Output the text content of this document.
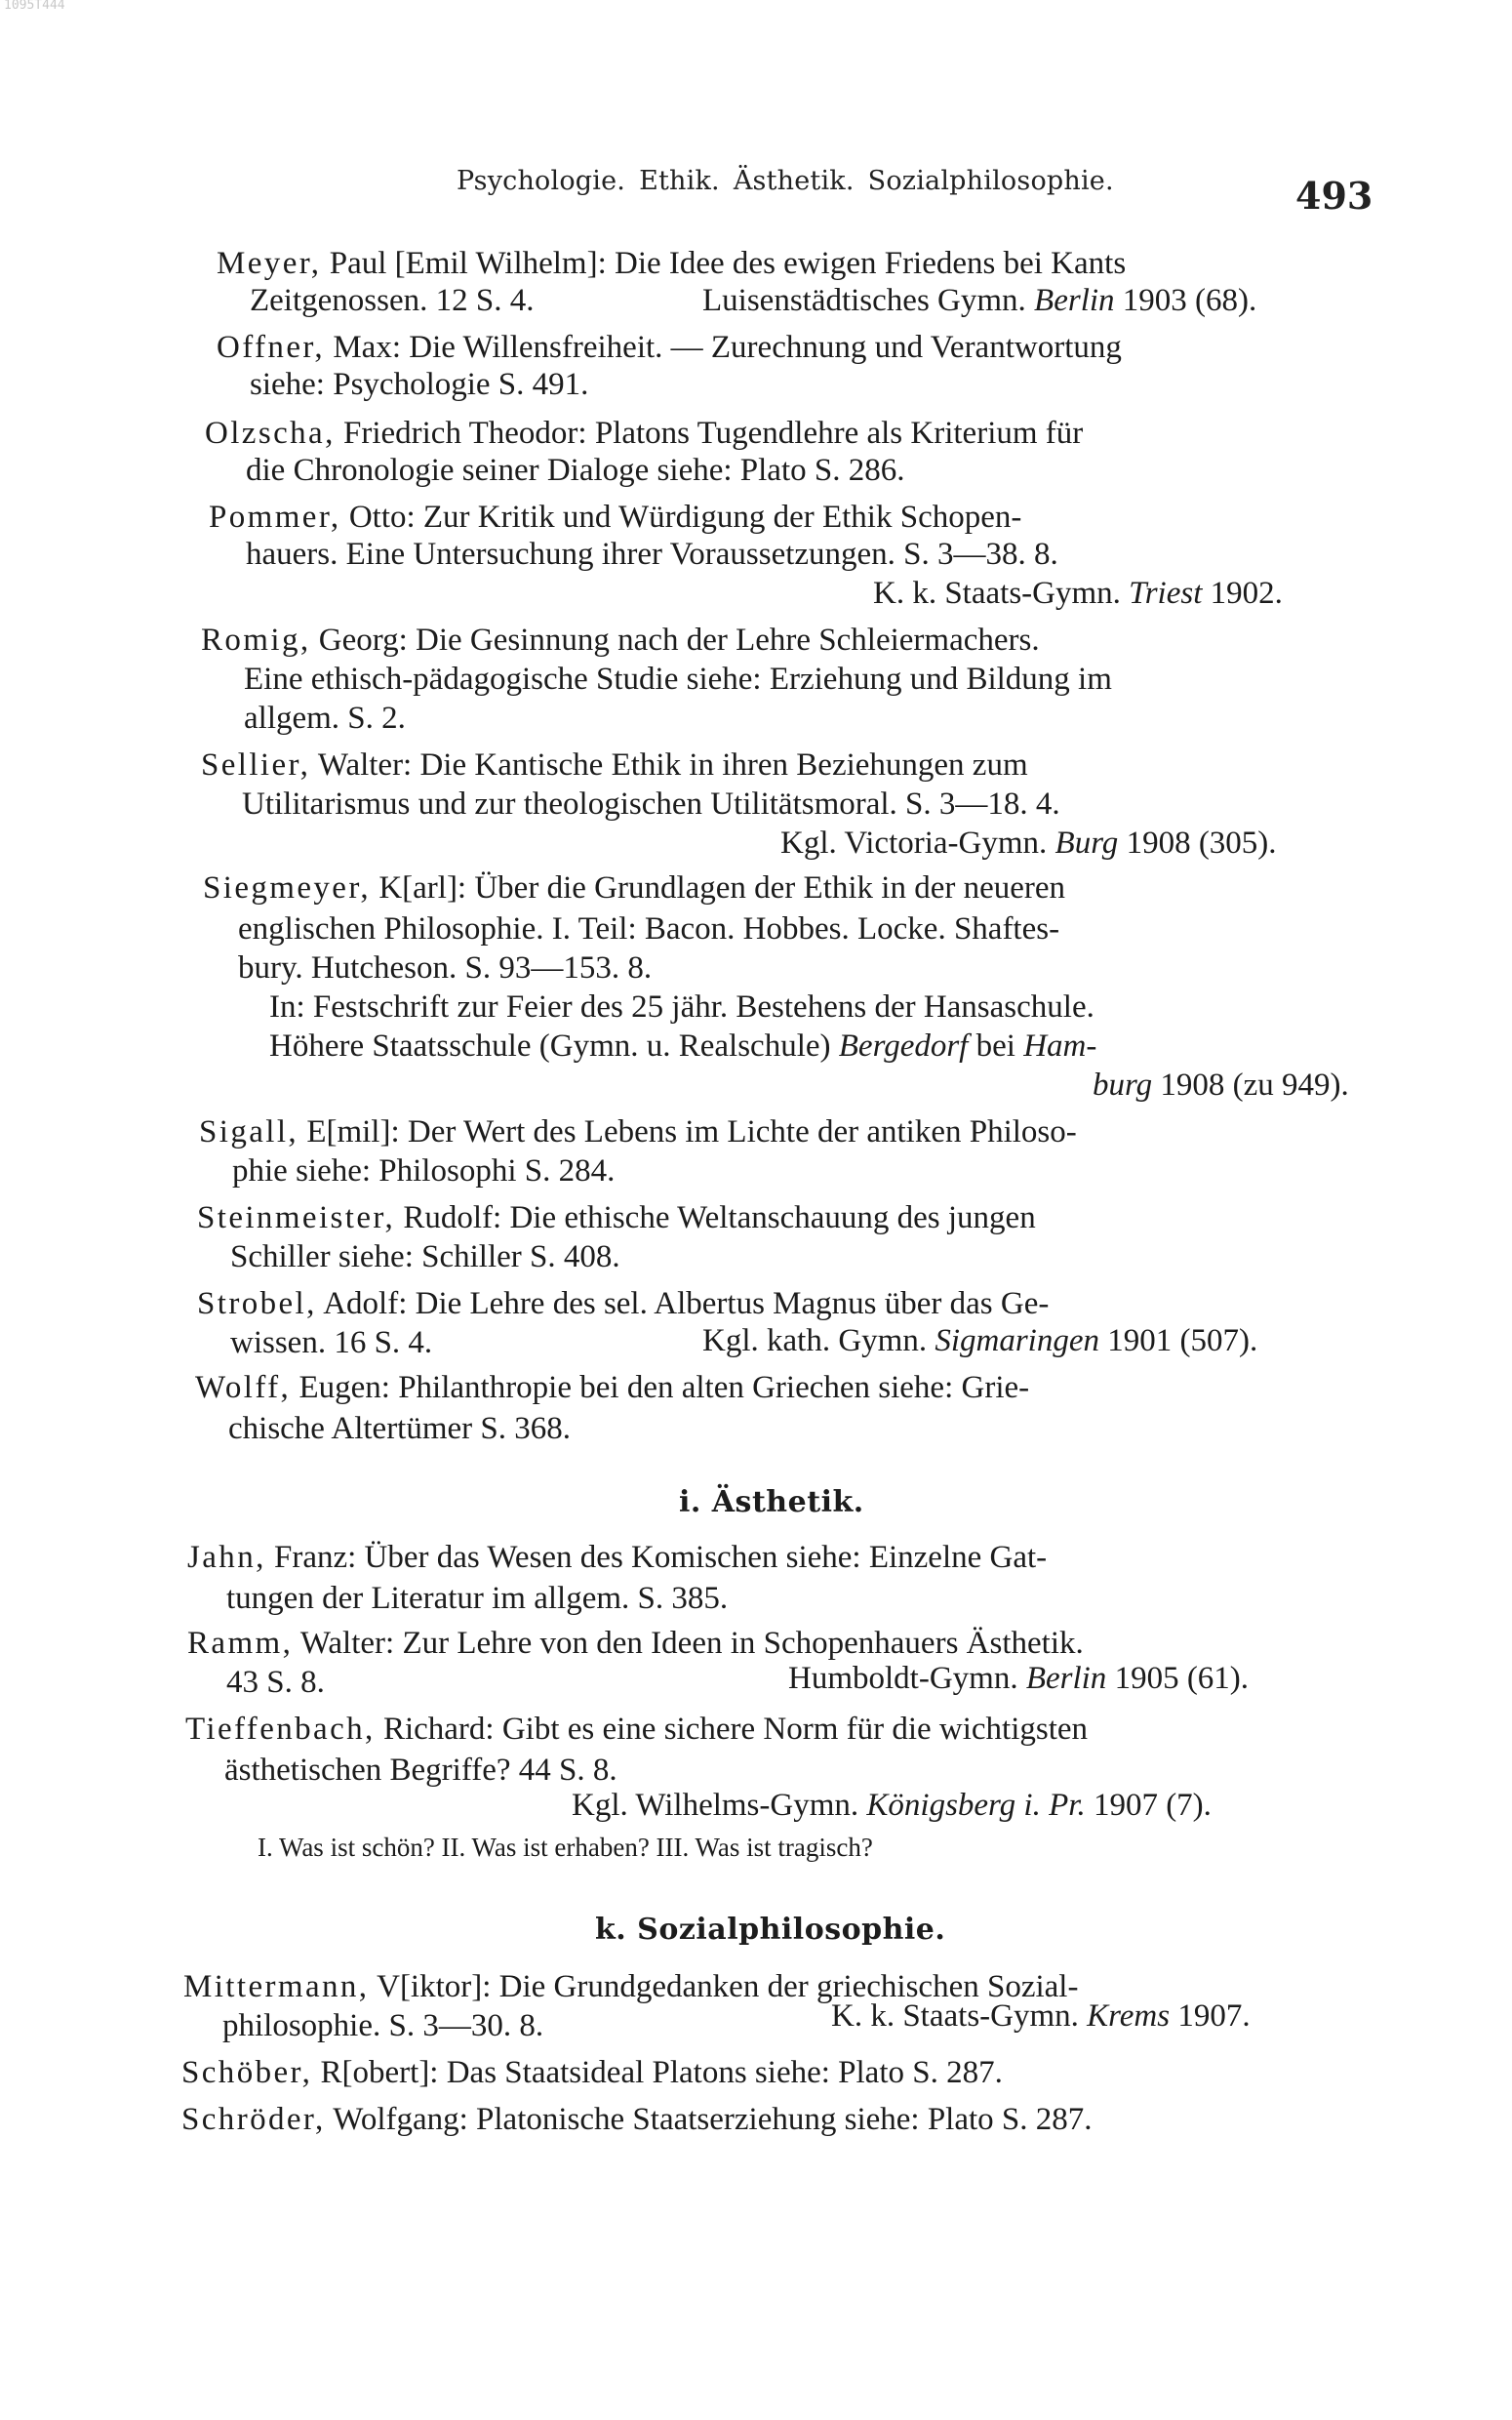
1095T444
Psychologie. Ethik. Ästhetik. Sozialphilosophie.	493
Meyer, Paul [Emil Wilhelm]: Die Idee des ewigen Friedens bei Kants
Zeitgenossen. 12 S. 4.	Luisenstädtisches Gymn. Berlin 1903 (68).
Offner, Max: Die Willensfreiheit. — Zurechnung und Verantwortung
siehe: Psychologie S. 491.
Olzscha, Friedrich Theodor: Platons Tugendlehre als Kriterium für
die Chronologie seiner Dialoge siehe: Plato S. 286.
Pommer, Otto: Zur Kritik und Würdigung der Ethik Schopen-
hauers. Eine Untersuchung ihrer Voraussetzungen. S. 3—38. 8.
K. k. Staats-Gymn. Triest 1902.
Romig, Georg: Die Gesinnung nach der Lehre Schleiermachers.
Eine ethisch-pädagogische Studie siehe: Erziehung und Bildung im
allgem. S. 2.
Sellier, Walter: Die Kantische Ethik in ihren Beziehungen zum
Utilitarismus und zur theologischen Utilitätsmoral. S. 3—18. 4.
Kgl. Victoria-Gymn. Burg 1908 (305).
Siegmeyer, K[arl]: Über die Grundlagen der Ethik in der neueren
englischen Philosophie. I. Teil: Bacon. Hobbes. Locke. Shaftes-
bury. Hutcheson. S. 93—153. 8.
In: Festschrift zur Feier des 25 jähr. Bestehens der Hansaschule.
Höhere Staatsschule (Gymn. u. Realschule) Bergedorf bei Ham-
burg 1908 (zu 949).
Sigall, E[mil]: Der Wert des Lebens im Lichte der antiken Philoso-
phie siehe: Philosophi S. 284.
Steinmeister, Rudolf: Die ethische Weltanschauung des jungen
Schiller siehe: Schiller S. 408.
Strobel, Adolf: Die Lehre des sel. Albertus Magnus über das Ge-
wissen. 16 S. 4.	Kgl. kath. Gymn. Sigmaringen 1901 (507).
Wolff, Eugen: Philanthropie bei den alten Griechen siehe: Grie-
chische Altertümer S. 368.
i. Ästhetik.
Jahn, Franz: Über das Wesen des Komischen siehe: Einzelne Gat-
tungen der Literatur im allgem. S. 385.
Ramm, Walter: Zur Lehre von den Ideen in Schopenhauers Ästhetik.
43 S. 8.	Humboldt-Gymn. Berlin 1905 (61).
Tieffenbach, Richard: Gibt es eine sichere Norm für die wichtigsten
ästhetischen Begriffe? 44 S. 8.
Kgl. Wilhelms-Gymn. Königsberg i. Pr. 1907 (7).
I. Was ist schön? II. Was ist erhaben? III. Was ist tragisch?
k. Sozialphilosophie.
Mittermann, V[iktor]: Die Grundgedanken der griechischen Sozial-
philosophie. S. 3—30. 8.	K. k. Staats-Gymn. Krems 1907.
Schöber, R[obert]: Das Staatsideal Platons siehe: Plato S. 287.
Schröder, Wolfgang: Platonische Staatserziehung siehe: Plato S. 287.
